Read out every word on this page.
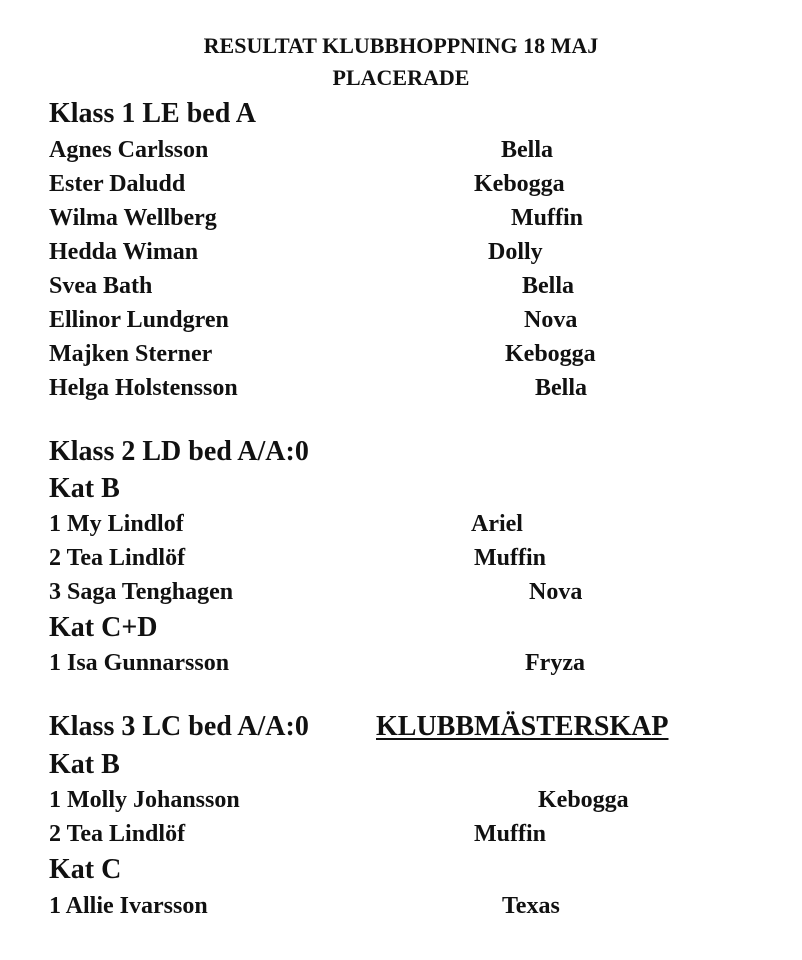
RESULTAT KLUBBHOPPNING 18 MAJ
PLACERADE
Klass 1 LE bed A
Agnes Carlsson	Bella
Ester Daludd	Kebogga
Wilma Wellberg	Muffin
Hedda Wiman	Dolly
Svea Bath	Bella
Ellinor Lundgren	Nova
Majken Sterner	Kebogga
Helga Holstensson	Bella
Klass 2 LD bed A/A:0
Kat B
1 My Lindlof	Ariel
2 Tea Lindlöf	Muffin
3 Saga Tenghagen	Nova
Kat C+D
1 Isa Gunnarsson	Fryza
Klass 3 LC bed A/A:0 KLUBBMÄSTERSKAP
Kat B
1 Molly Johansson	Kebogga
2 Tea Lindlöf	Muffin
Kat C
1 Allie Ivarsson	Texas
